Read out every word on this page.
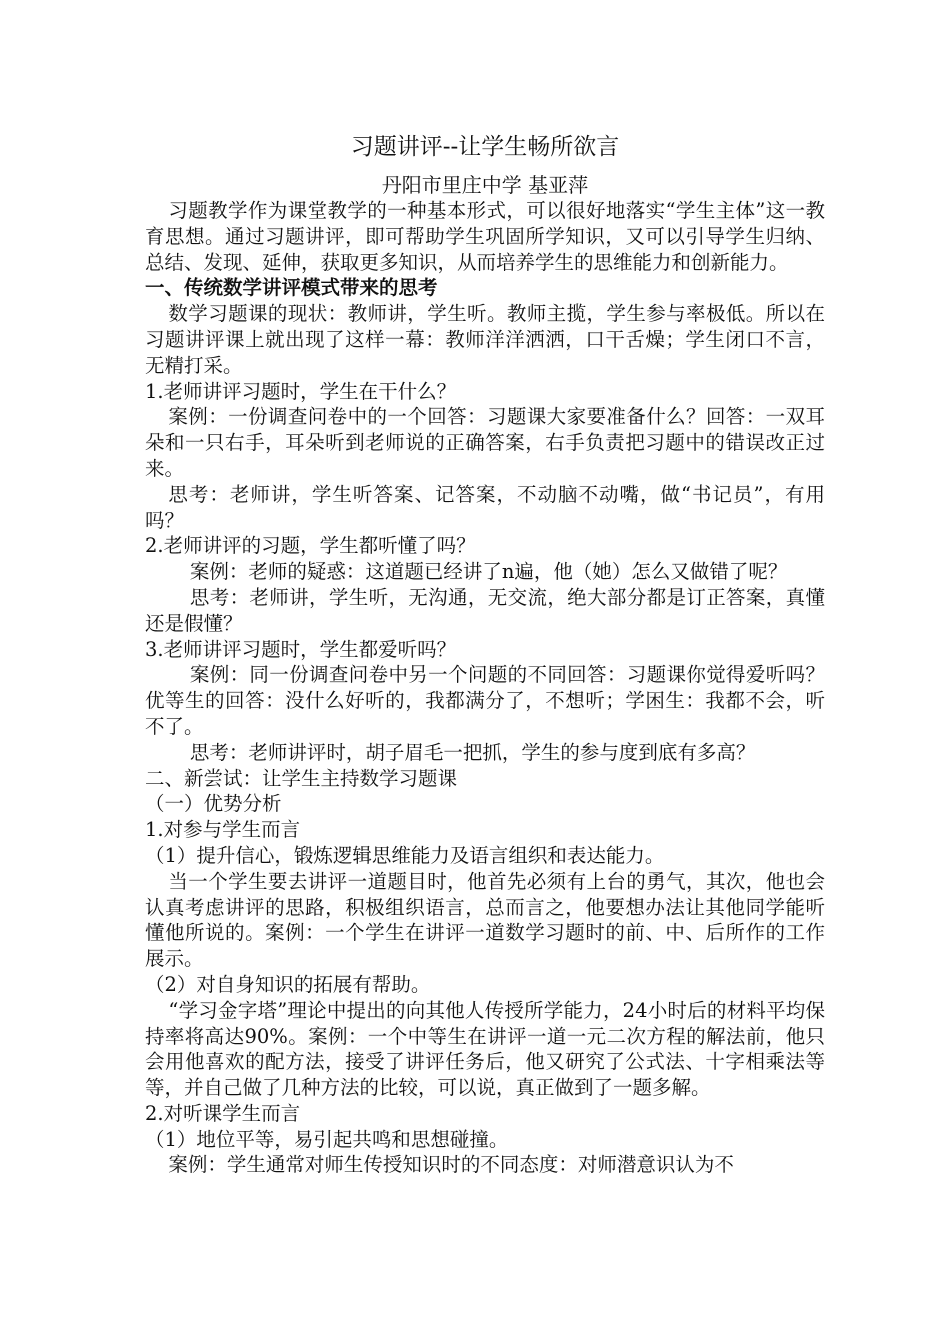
习题讲评--让学生畅所欲言
丹阳市里庄中学 基亚萍

习题教学作为课堂教学的一种基本形式，可以很好地落实“学生主体”这一教育思想。通过习题讲评，即可帮助学生巩固所学知识，又可以引导学生归纳、总结、发现、延伸，获取更多知识，从而培养学生的思维能力和创新能力。

一、传统数学讲评模式带来的思考

数学习题课的现状：教师讲，学生听。教师主揽，学生参与率极低。所以在习题讲评课上就出现了这样一幕：教师洋洋洒洒，口干舌燥；学生闭口不言，无精打采。

1.老师讲评习题时，学生在干什么？

案例：一份调查问卷中的一个回答：习题课大家要准备什么？回答：一双耳朵和一只右手，耳朵听到老师说的正确答案，右手负责把习题中的错误改正过来。

思考：老师讲，学生听答案、记答案，不动脑不动嘴，做“书记员”，有用吗？

2.老师讲评的习题，学生都听懂了吗？

案例：老师的疑惑：这道题已经讲了n遍，他（她）怎么又做错了呢？

思考：老师讲，学生听，无沟通，无交流，绝大部分都是订正答案，真懂还是假懂？

3.老师讲评习题时，学生都爱听吗？

案例：同一份调查问卷中另一个问题的不同回答：习题课你觉得爱听吗？优等生的回答：没什么好听的，我都满分了，不想听；学困生：我都不会，听不了。

思考：老师讲评时，胡子眉毛一把抓，学生的参与度到底有多高？

二、新尝试：让学生主持数学习题课

（一）优势分析

1.对参与学生而言

（1）提升信心，锻炼逻辑思维能力及语言组织和表达能力。

当一个学生要去讲评一道题目时，他首先必须有上台的勇气，其次，他也会认真考虑讲评的思路，积极组织语言，总而言之，他要想办法让其他同学能听懂他所说的。案例：一个学生在讲评一道数学习题时的前、中、后所作的工作展示。

（2）对自身知识的拓展有帮助。

“学习金字塔”理论中提出的向其他人传授所学能力，24小时后的材料平均保持率将高达90%。案例：一个中等生在讲评一道一元二次方程的解法前，他只会用他喜欢的配方法，接受了讲评任务后，他又研究了公式法、十字相乘法等等，并自己做了几种方法的比较，可以说，真正做到了一题多解。

2.对听课学生而言

（1）地位平等，易引起共鸣和思想碰撞。

案例：学生通常对师生传授知识时的不同态度：对师潜意识认为不
